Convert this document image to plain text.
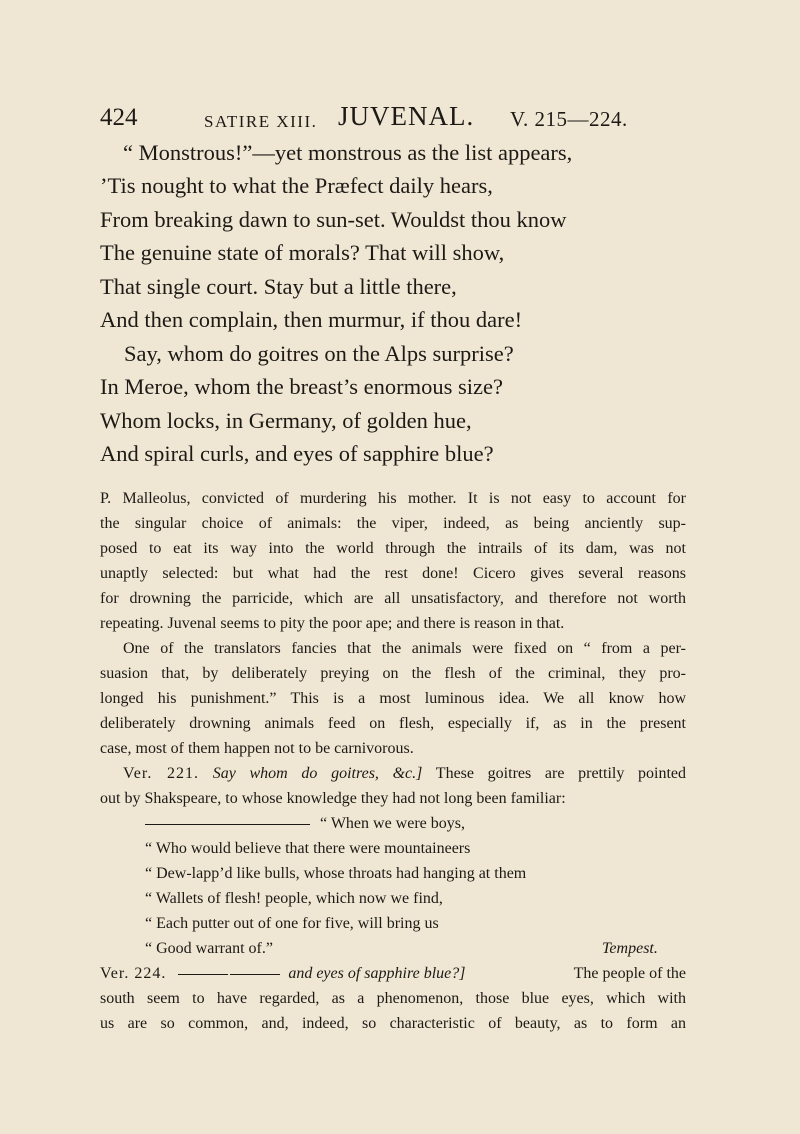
424	SATIRE XIII. JUVENAL. V. 215—224.
“ Monstrous!”—yet monstrous as the list appears,
’Tis nought to what the Præfect daily hears,
From breaking dawn to sun-set. Wouldst thou know
The genuine state of morals? That will show,
That single court. Stay but a little there,
And then complain, then murmur, if thou dare!
Say, whom do goitres on the Alps surprise?
In Meroe, whom the breast’s enormous size?
Whom locks, in Germany, of golden hue,
And spiral curls, and eyes of sapphire blue?
P. Malleolus, convicted of murdering his mother. It is not easy to account for
the singular choice of animals: the viper, indeed, as being anciently sup-
posed to eat its way into the world through the intrails of its dam, was not
unaptly selected: but what had the rest done! Cicero gives several reasons
for drowning the parricide, which are all unsatisfactory, and therefore not worth
repeating. Juvenal seems to pity the poor ape; and there is reason in that.
One of the translators fancies that the animals were fixed on “ from a per-
suasion that, by deliberately preying on the flesh of the criminal, they pro-
longed his punishment.” This is a most luminous idea. We all know how
deliberately drowning animals feed on flesh, especially if, as in the present
case, most of them happen not to be carnivorous.
Ver. 221. Say whom do goitres, &c.] These goitres are prettily pointed
out by Shakspeare, to whose knowledge they had not long been familiar:
“ When we were boys,
“ Who would believe that there were mountaineers
“ Dew-lapp’d like bulls, whose throats had hanging at them
“ Wallets of flesh! people, which now we find,
“ Each putter out of one for five, will bring us
“ Good warrant of.”	Tempest.
Ver. 224.	and eyes of sapphire blue?]	The people of the
south seem to have regarded, as a phenomenon, those blue eyes, which with
us are so common, and, indeed, so characteristic of beauty, as to form an
